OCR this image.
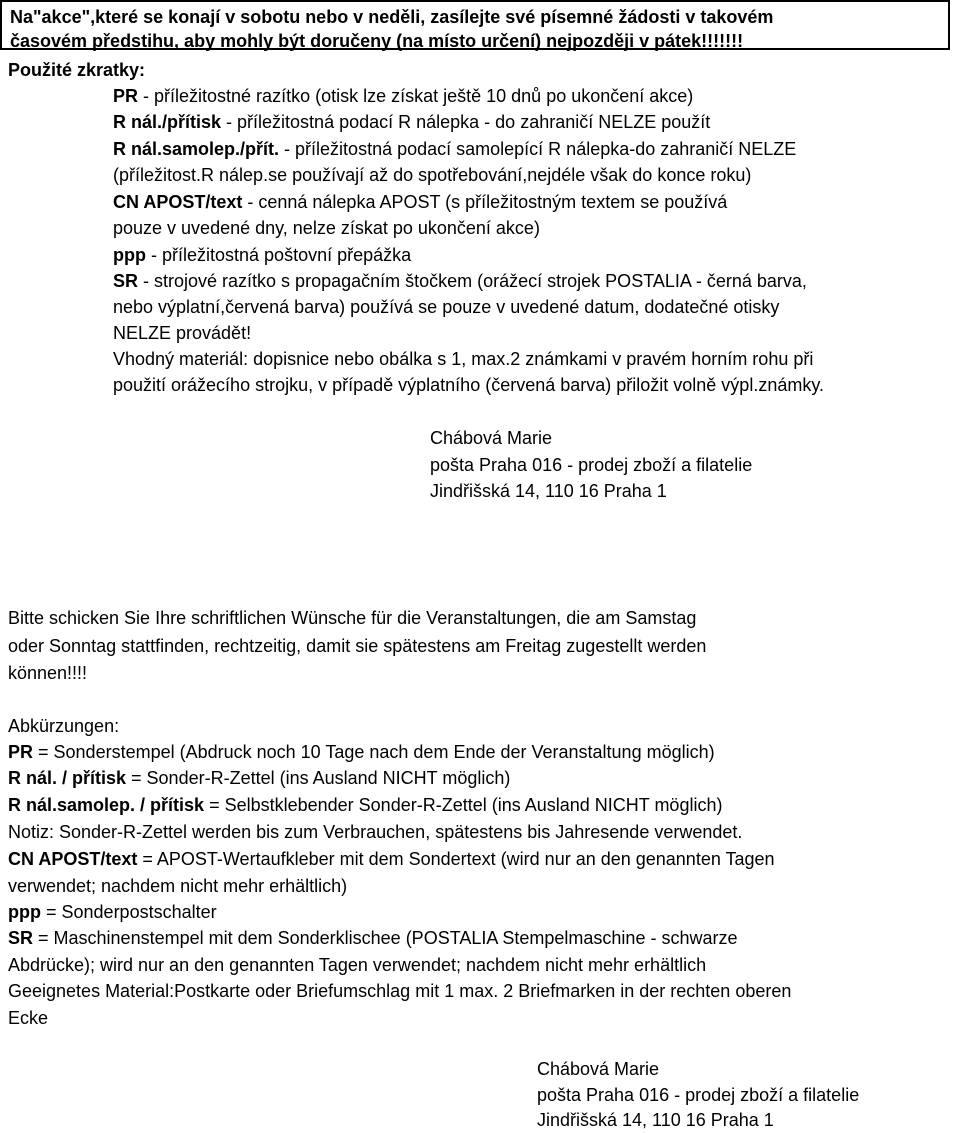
Na"akce",které se konají v sobotu nebo v neděli, zasílejte své písemné žádosti v takovém
časovém předstihu, aby mohly být doručeny (na místo určení) nejpozději v pátek!!!!!!!
Použité zkratky:
PR - příležitostné razítko (otisk lze získat ještě 10 dnů po ukončení akce)
R nál./přítisk - příležitostná podací R nálepka - do zahraničí NELZE použít
R nál.samolep./přít. - příležitostná podací samolepící R nálepka-do zahraničí NELZE
(příležitost.R nálep.se používají až do spotřebování,nejdéle však do konce roku)
CN APOST/text - cenná nálepka APOST (s příležitostným textem se používá
pouze v uvedené dny, nelze získat po ukončení akce)
ppp - příležitostná poštovní přepážka
SR - strojové razítko s propagačním štočkem (orážecí strojek POSTALIA - černá barva,
nebo výplatní,červená barva) používá se pouze v uvedené datum, dodatečné otisky
NELZE provádět!
Vhodný materiál: dopisnice nebo obálka s 1, max.2 známkami v pravém horním rohu při
použití orážecího strojku, v případě výplatního (červená barva) přiložit volně výpl.známky.
Chábová Marie
pošta Praha 016 - prodej zboží a filatelie
Jindřišská 14, 110 16 Praha 1
Bitte schicken Sie Ihre schriftlichen Wünsche für die Veranstaltungen, die am Samstag
oder Sonntag stattfinden, rechtzeitig, damit sie spätestens am Freitag zugestellt werden
können!!!!
Abkürzungen:
PR = Sonderstempel (Abdruck noch 10 Tage nach dem Ende der Veranstaltung möglich)
R nál. / přítisk = Sonder-R-Zettel (ins Ausland NICHT möglich)
R nál.samolep. / přítisk = Selbstklebender Sonder-R-Zettel (ins Ausland NICHT möglich)
Notiz: Sonder-R-Zettel werden bis zum Verbrauchen, spätestens bis Jahresende verwendet.
CN APOST/text = APOST-Wertaufkleber mit dem Sondertext (wird nur an den genannten Tagen
verwendet; nachdem nicht mehr erhältlich)
ppp = Sonderpostschalter
SR = Maschinenstempel mit dem Sonderklischee (POSTALIA Stempelmaschine - schwarze
Abdrücke); wird nur an den genannten Tagen verwendet; nachdem nicht mehr erhältlich
Geeignetes Material:Postkarte oder Briefumschlag mit 1 max. 2 Briefmarken in der rechten oberen
Ecke
Chábová Marie
pošta Praha 016 - prodej zboží a filatelie
Jindřišská 14, 110 16 Praha 1
